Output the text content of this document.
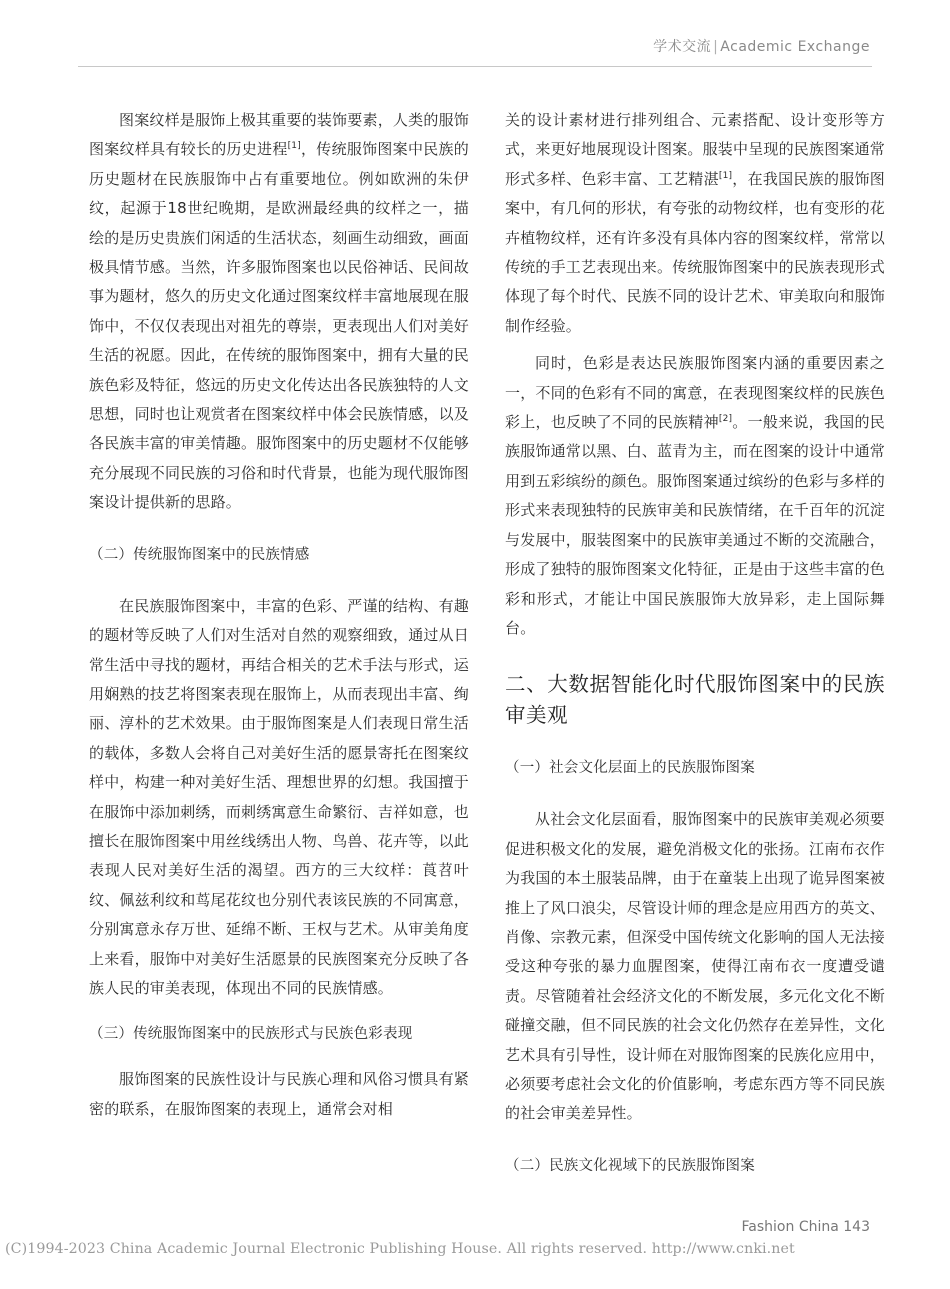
学术交流 | Academic Exchange

图案纹样是服饰上极其重要的装饰要素，人类的服饰图案纹样具有较长的历史进程[1]，传统服饰图案中民族的历史题材在民族服饰中占有重要地位。例如欧洲的朱伊纹，起源于18世纪晚期，是欧洲最经典的纹样之一，描绘的是历史贵族们闲适的生活状态，刻画生动细致，画面极具情节感。当然，许多服饰图案也以民俗神话、民间故事为题材，悠久的历史文化通过图案纹样丰富地展现在服饰中，不仅仅表现出对祖先的尊崇，更表现出人们对美好生活的祝愿。因此，在传统的服饰图案中，拥有大量的民族色彩及特征，悠远的历史文化传达出各民族独特的人文思想，同时也让观赏者在图案纹样中体会民族情感，以及各民族丰富的审美情趣。服饰图案中的历史题材不仅能够充分展现不同民族的习俗和时代背景，也能为现代服饰图案设计提供新的思路。

（二）传统服饰图案中的民族情感

在民族服饰图案中，丰富的色彩、严谨的结构、有趣的题材等反映了人们对生活对自然的观察细致，通过从日常生活中寻找的题材，再结合相关的艺术手法与形式，运用娴熟的技艺将图案表现在服饰上，从而表现出丰富、绚丽、淳朴的艺术效果。由于服饰图案是人们表现日常生活的载体，多数人会将自己对美好生活的愿景寄托在图案纹样中，构建一种对美好生活、理想世界的幻想。我国擅于在服饰中添加刺绣，而刺绣寓意生命繁衍、吉祥如意，也擅长在服饰图案中用丝线绣出人物、鸟兽、花卉等，以此表现人民对美好生活的渴望。西方的三大纹样：莨苕叶纹、佩兹利纹和茑尾花纹也分别代表该民族的不同寓意，分别寓意永存万世、延绵不断、王权与艺术。从审美角度上来看，服饰中对美好生活愿景的民族图案充分反映了各族人民的审美表现，体现出不同的民族情感。

（三）传统服饰图案中的民族形式与民族色彩表现

服饰图案的民族性设计与民族心理和风俗习惯具有紧密的联系，在服饰图案的表现上，通常会对相

关的设计素材进行排列组合、元素搭配、设计变形等方式，来更好地展现设计图案。服装中呈现的民族图案通常形式多样、色彩丰富、工艺精湛[1]，在我国民族的服饰图案中，有几何的形状，有夸张的动物纹样，也有变形的花卉植物纹样，还有许多没有具体内容的图案纹样，常常以传统的手工艺表现出来。传统服饰图案中的民族表现形式体现了每个时代、民族不同的设计艺术、审美取向和服饰制作经验。

同时，色彩是表达民族服饰图案内涵的重要因素之一，不同的色彩有不同的寓意，在表现图案纹样的民族色彩上，也反映了不同的民族精神[2]。一般来说，我国的民族服饰通常以黑、白、蓝青为主，而在图案的设计中通常用到五彩缤纷的颜色。服饰图案通过缤纷的色彩与多样的形式来表现独特的民族审美和民族情绪，在千百年的沉淀与发展中，服装图案中的民族审美通过不断的交流融合，形成了独特的服饰图案文化特征，正是由于这些丰富的色彩和形式，才能让中国民族服饰大放异彩，走上国际舞台。

二、大数据智能化时代服饰图案中的民族审美观

（一）社会文化层面上的民族服饰图案

从社会文化层面看，服饰图案中的民族审美观必须要促进积极文化的发展，避免消极文化的张扬。江南布衣作为我国的本土服装品牌，由于在童装上出现了诡异图案被推上了风口浪尖，尽管设计师的理念是应用西方的英文、肖像、宗教元素，但深受中国传统文化影响的国人无法接受这种夸张的暴力血腥图案，使得江南布衣一度遭受谴责。尽管随着社会经济文化的不断发展，多元化文化不断碰撞交融，但不同民族的社会文化仍然存在差异性，文化艺术具有引导性，设计师在对服饰图案的民族化应用中，必须要考虑社会文化的价值影响，考虑东西方等不同民族的社会审美差异性。

（二）民族文化视域下的民族服饰图案

Fashion China 143
(C)1994-2023 China Academic Journal Electronic Publishing House. All rights reserved. http://www.cnki.net
